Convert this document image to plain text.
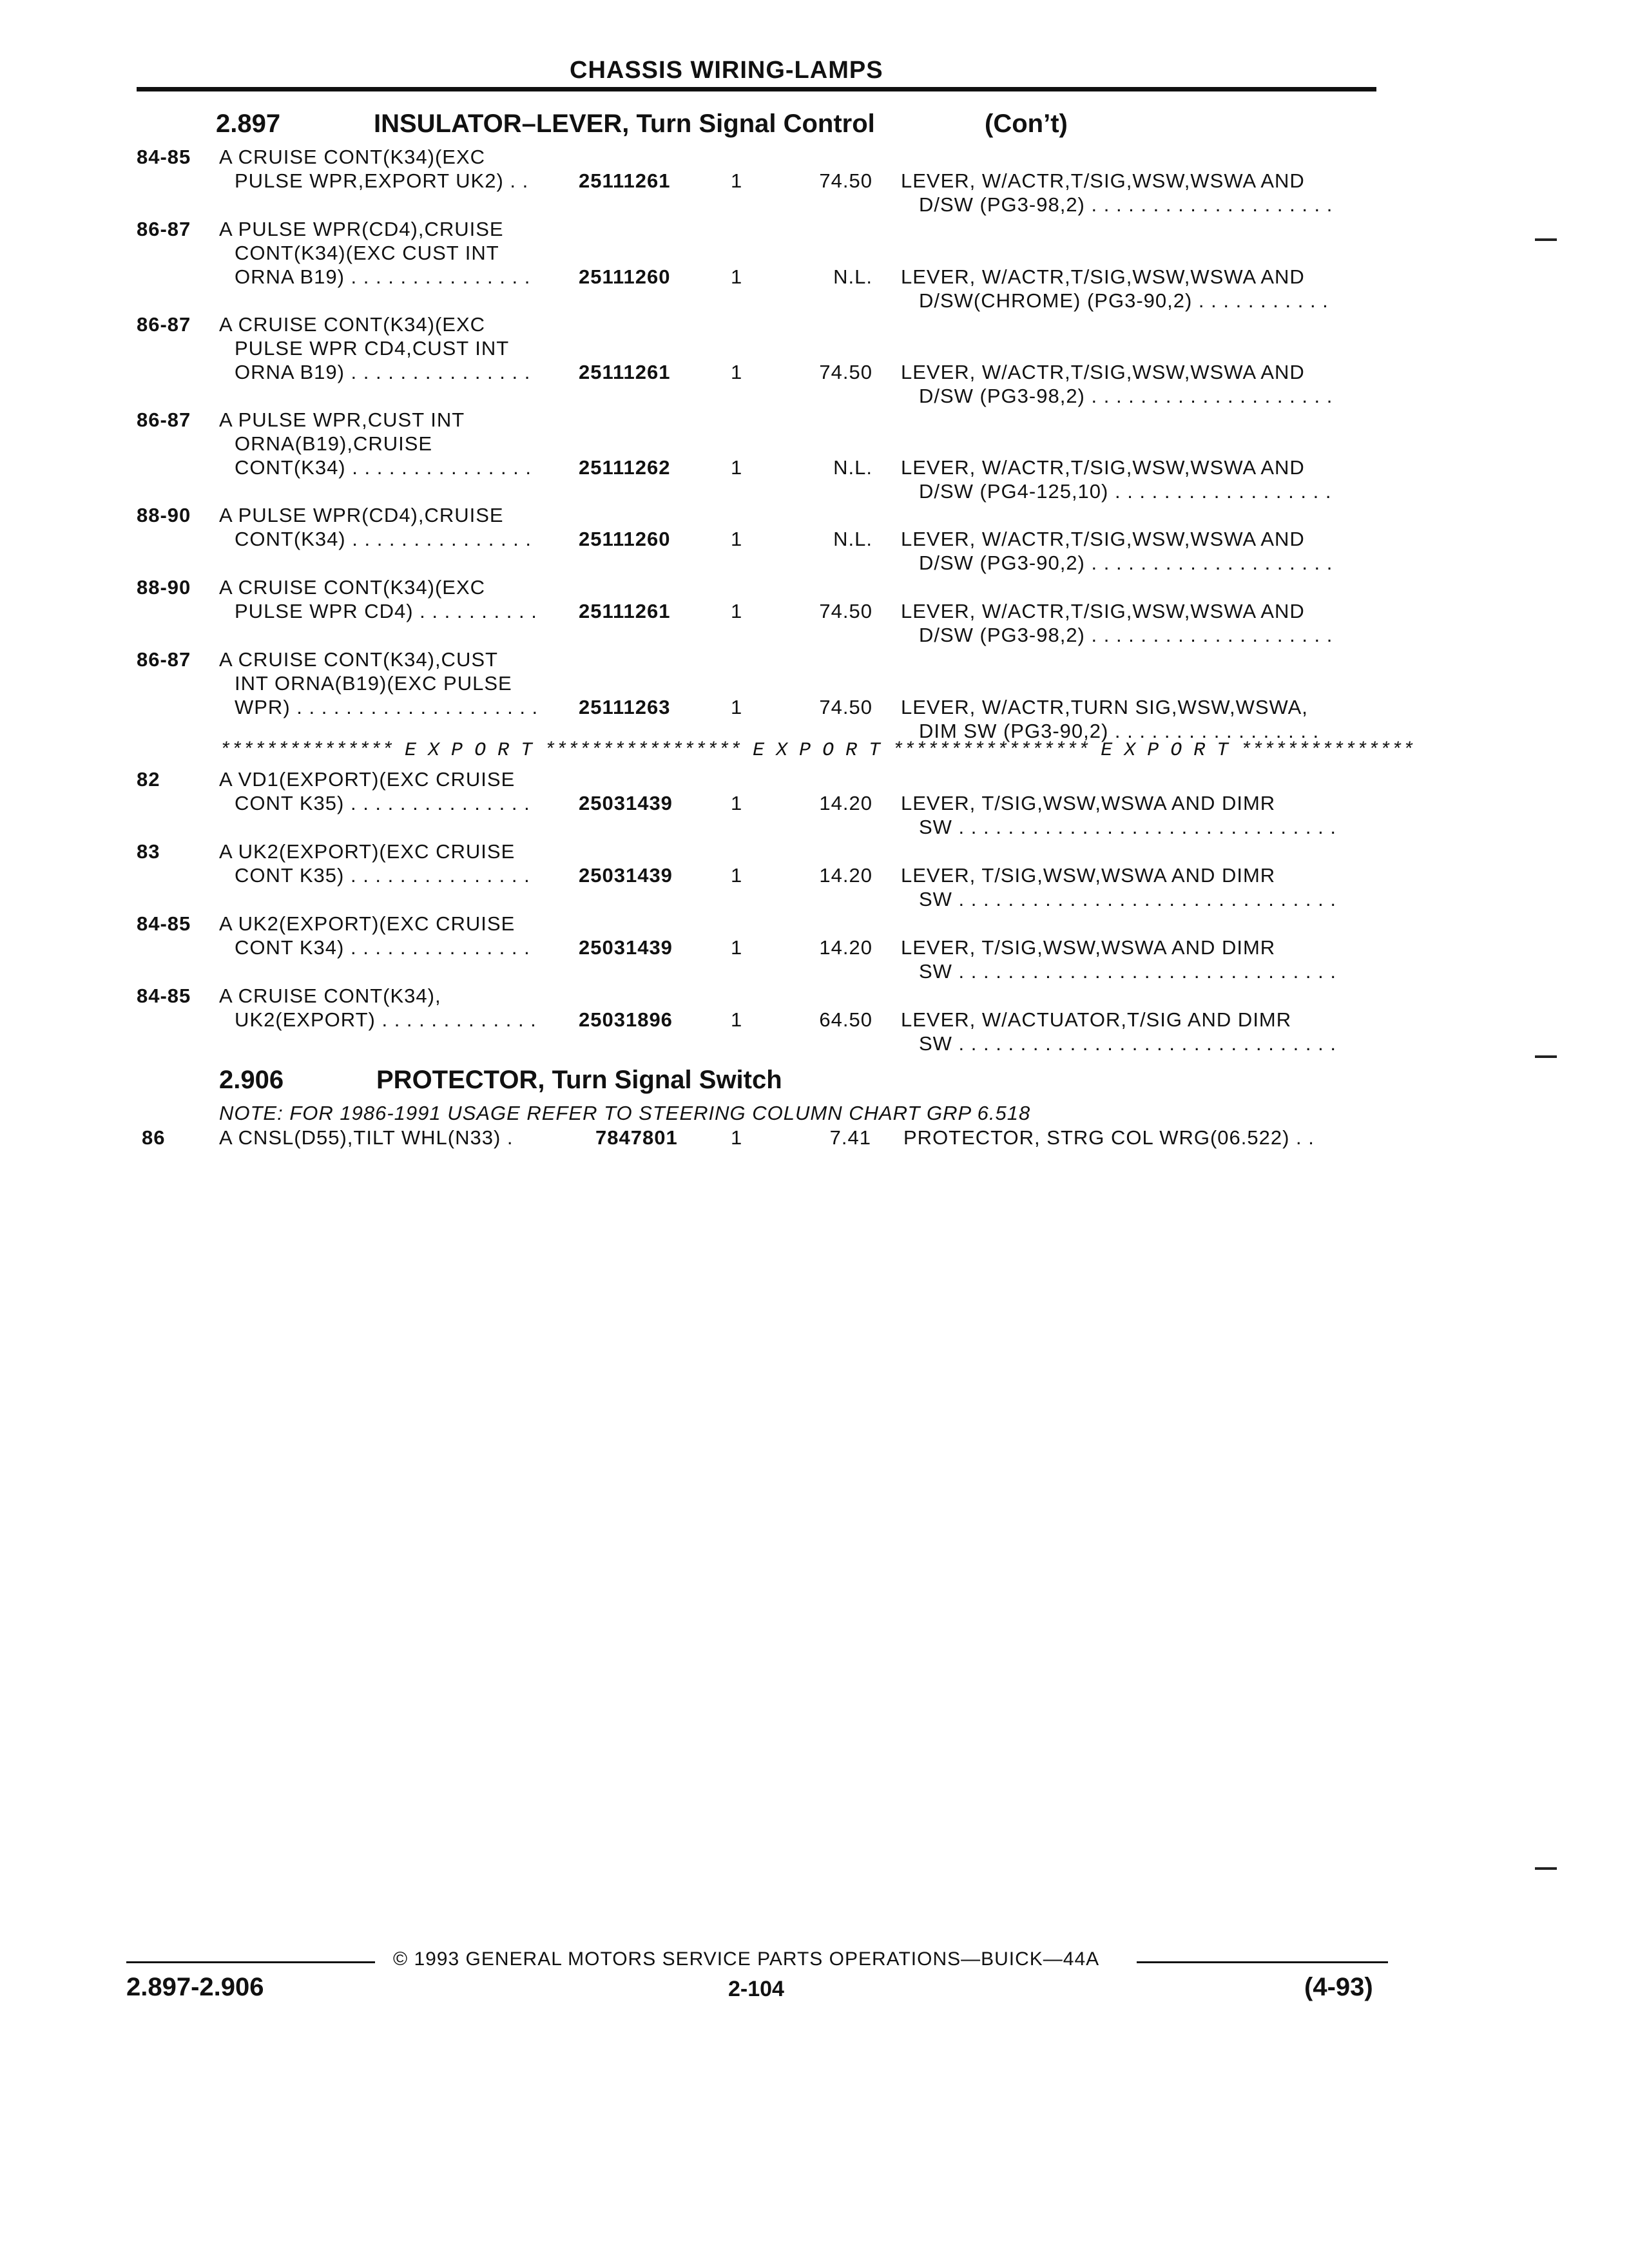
CHASSIS WIRING-LAMPS
2.897	INSULATOR–LEVER, Turn Signal Control	(Con’t)
84-85 A CRUISE CONT(K34)(EXC
PULSE WPR,EXPORT UK2) . .	25111261	1	74.50 LEVER, W/ACTR,T/SIG,WSW,WSWA AND
D/SW (PG3-98,2) . . . . . . . . . . . . . . . . . . . .
86-87 A PULSE WPR(CD4),CRUISE
CONT(K34)(EXC CUST INT
ORNA B19) . . . . . . . . . . . . . . . 25111260	1	N.L. LEVER, W/ACTR,T/SIG,WSW,WSWA AND
D/SW(CHROME) (PG3-90,2) . . . . . . . . . . .
86-87 A CRUISE CONT(K34)(EXC
PULSE WPR CD4,CUST INT
ORNA B19) . . . . . . . . . . . . . . . 25111261	1	74.50 LEVER, W/ACTR,T/SIG,WSW,WSWA AND
D/SW (PG3-98,2) . . . . . . . . . . . . . . . . . . . .
86-87 A PULSE WPR,CUST INT
ORNA(B19),CRUISE
CONT(K34) . . . . . . . . . . . . . . . 25111262	1	N.L. LEVER, W/ACTR,T/SIG,WSW,WSWA AND
D/SW (PG4-125,10) . . . . . . . . . . . . . . . . . .
88-90 A PULSE WPR(CD4),CRUISE
CONT(K34) . . . . . . . . . . . . . . . 25111260	1	N.L. LEVER, W/ACTR,T/SIG,WSW,WSWA AND
D/SW (PG3-90,2) . . . . . . . . . . . . . . . . . . . .
88-90 A CRUISE CONT(K34)(EXC
PULSE WPR CD4) . . . . . . . . . . 25111261	1	74.50 LEVER, W/ACTR,T/SIG,WSW,WSWA AND
D/SW (PG3-98,2) . . . . . . . . . . . . . . . . . . . .
86-87 A CRUISE CONT(K34),CUST
INT ORNA(B19)(EXC PULSE
WPR) . . . . . . . . . . . . . . . . . . . . 25111263	1	74.50 LEVER, W/ACTR,TURN SIG,WSW,WSWA,
DIM SW (PG3-90,2) . . . . . . . . . . . . . . . . .
*************** E X P O R T ***************** E X P O R T ***************** E X P O R T ***************
82	A VD1(EXPORT)(EXC CRUISE
CONT K35) . . . . . . . . . . . . . . . 25031439	1	14.20 LEVER, T/SIG,WSW,WSWA AND DIMR
SW . . . . . . . . . . . . . . . . . . . . . . . . . . . . . . .
83	A UK2(EXPORT)(EXC CRUISE
CONT K35) . . . . . . . . . . . . . . . 25031439	1	14.20 LEVER, T/SIG,WSW,WSWA AND DIMR
SW . . . . . . . . . . . . . . . . . . . . . . . . . . . . . . .
84-85 A UK2(EXPORT)(EXC CRUISE
CONT K34) . . . . . . . . . . . . . . . 25031439	1	14.20 LEVER, T/SIG,WSW,WSWA AND DIMR
SW . . . . . . . . . . . . . . . . . . . . . . . . . . . . . . .
84-85 A CRUISE CONT(K34),
UK2(EXPORT) . . . . . . . . . . . . . 25031896	1	64.50 LEVER, W/ACTUATOR,T/SIG AND DIMR
SW . . . . . . . . . . . . . . . . . . . . . . . . . . . . . . .
2.906	PROTECTOR, Turn Signal Switch
NOTE: FOR 1986-1991 USAGE REFER TO STEERING COLUMN CHART GRP 6.518
86	A CNSL(D55),TILT WHL(N33) .	7847801	1	7.41 PROTECTOR, STRG COL WRG(06.522) . .
© 1993 GENERAL MOTORS SERVICE PARTS OPERATIONS—BUICK—44A
2.897-2.906	2-104	(4-93)
